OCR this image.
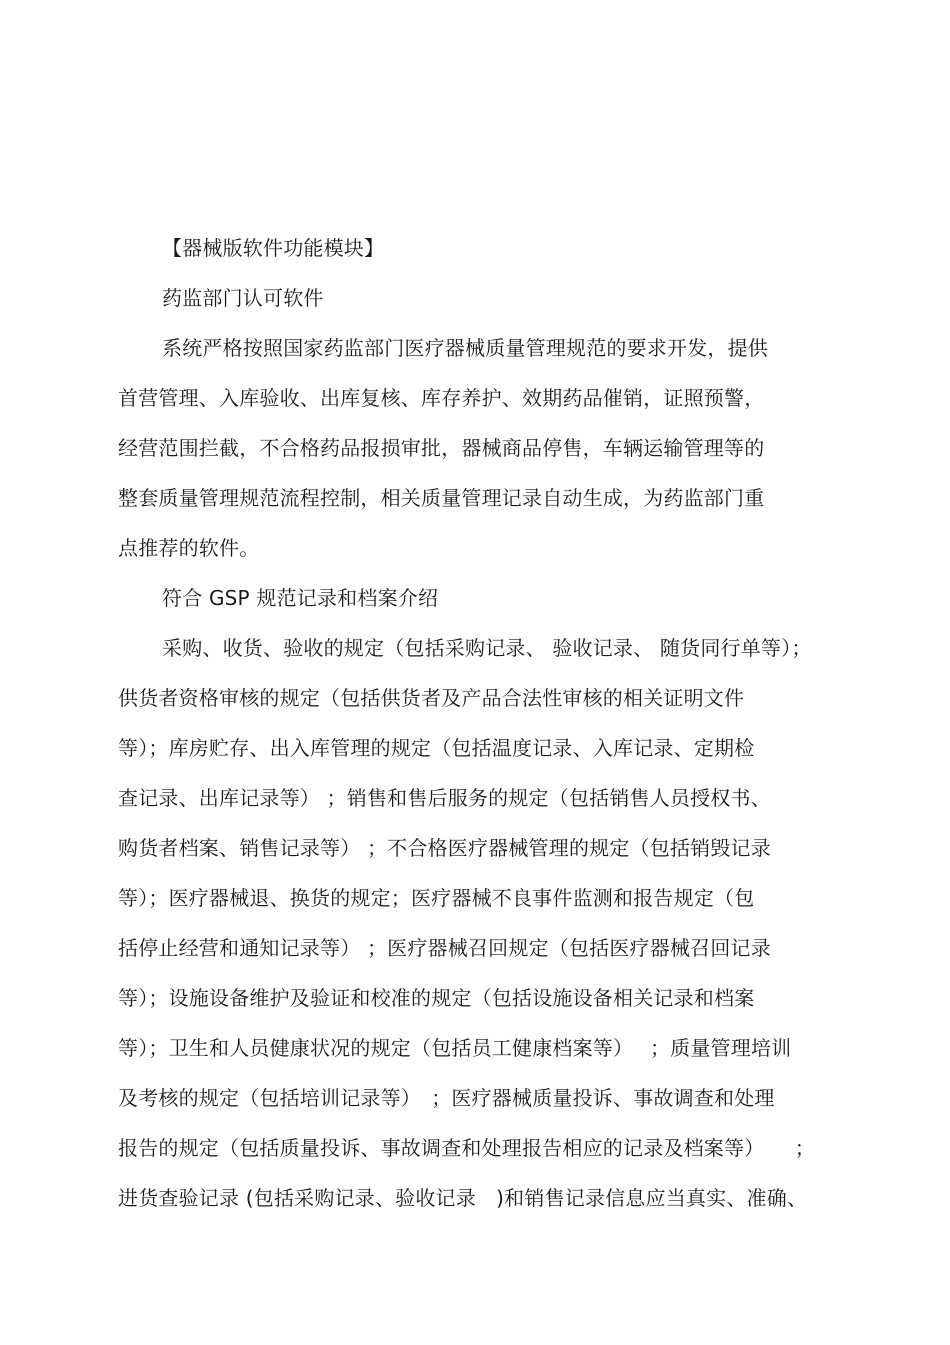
【器械版软件功能模块】
药监部门认可软件
系统严格按照国家药监部门医疗器械质量管理规范的要求开发，提供
首营管理、入库验收、出库复核、库存养护、效期药品催销，证照预警，
经营范围拦截，不合格药品报损审批，器械商品停售，车辆运输管理等的
整套质量管理规范流程控制，相关质量管理记录自动生成，为药监部门重
点推荐的软件。
符合 GSP 规范记录和档案介绍
采购、收货、验收的规定（包括采购记录、 验收记录、 随货同行单等）；
供货者资格审核的规定（包括供货者及产品合法性审核的相关证明文件
等）；库房贮存、出入库管理的规定（包括温度记录、入库记录、定期检
查记录、出库记录等） ；销售和售后服务的规定（包括销售人员授权书、
购货者档案、销售记录等） ；不合格医疗器械管理的规定（包括销毁记录
等）；医疗器械退、换货的规定；医疗器械不良事件监测和报告规定（包
括停止经营和通知记录等） ；医疗器械召回规定（包括医疗器械召回记录
等）；设施设备维护及验证和校准的规定（包括设施设备相关记录和档案
等）；卫生和人员健康状况的规定（包括员工健康档案等）　 ；质量管理培训
及考核的规定（包括培训记录等）　；医疗器械质量投诉、事故调查和处理
报告的规定（包括质量投诉、事故调查和处理报告相应的记录及档案等）　　；
进货查验记录 (包括采购记录、验收记录　)和销售记录信息应当真实、准确、
